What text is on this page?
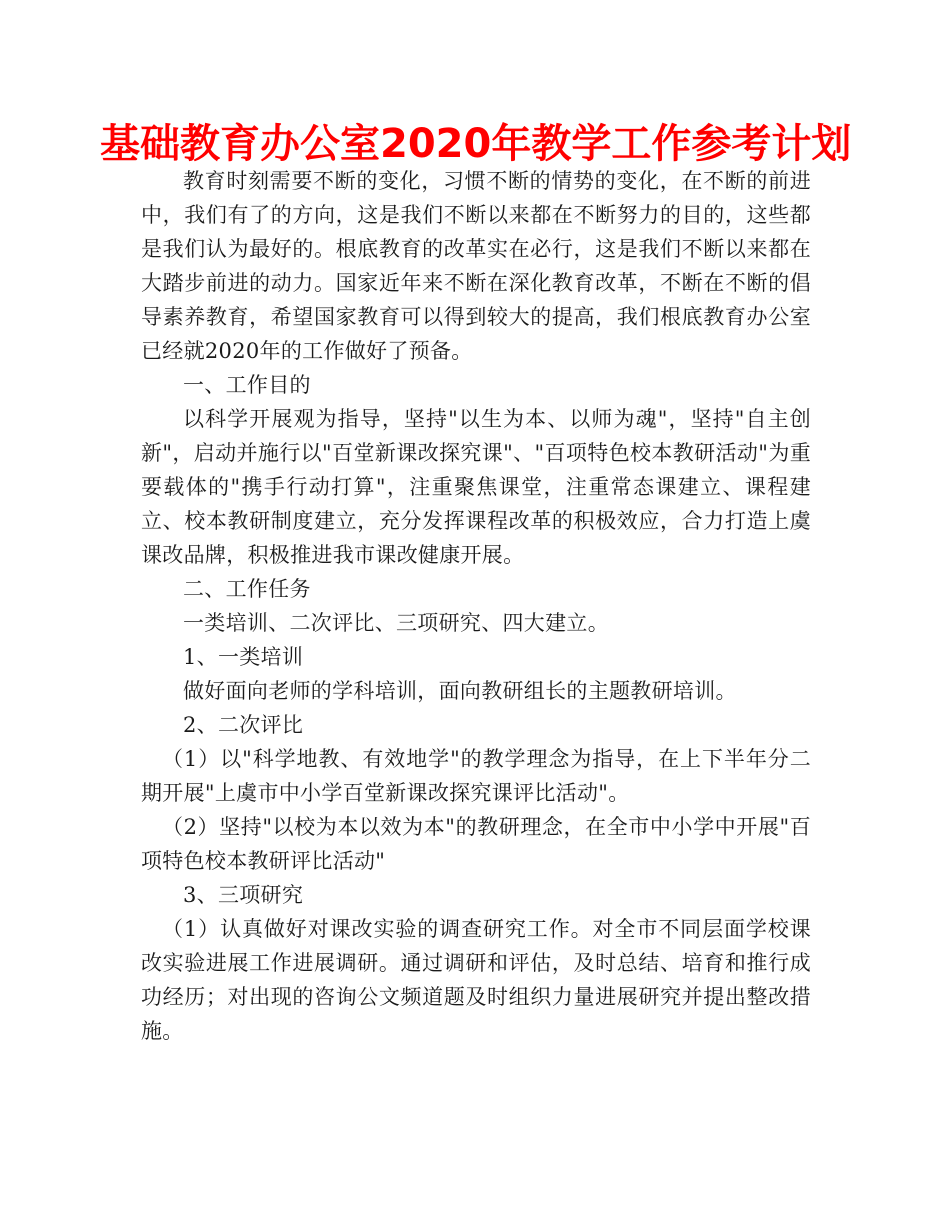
基础教育办公室2020年教学工作参考计划

教育时刻需要不断的变化，习惯不断的情势的变化，在不断的前进中，我们有了的方向，这是我们不断以来都在不断努力的目的，这些都是我们认为最好的。根底教育的改革实在必行，这是我们不断以来都在大踏步前进的动力。国家近年来不断在深化教育改革，不断在不断的倡导素养教育，希望国家教育可以得到较大的提高，我们根底教育办公室已经就2020年的工作做好了预备。

一、工作目的

以科学开展观为指导，坚持"以生为本、以师为魂"，坚持"自主创新"，启动并施行以"百堂新课改探究课"、"百项特色校本教研活动"为重要载体的"携手行动打算"，注重聚焦课堂，注重常态课建立、课程建立、校本教研制度建立，充分发挥课程改革的积极效应，合力打造上虞课改品牌，积极推进我市课改健康开展。

二、工作任务

一类培训、二次评比、三项研究、四大建立。

1、一类培训

做好面向老师的学科培训，面向教研组长的主题教研培训。

2、二次评比

（1）以"科学地教、有效地学"的教学理念为指导，在上下半年分二期开展"上虞市中小学百堂新课改探究课评比活动"。

（2）坚持"以校为本以效为本"的教研理念，在全市中小学中开展"百项特色校本教研评比活动"

3、三项研究

（1）认真做好对课改实验的调查研究工作。对全市不同层面学校课改实验进展工作进展调研。通过调研和评估，及时总结、培育和推行成功经历；对出现的咨询公文频道题及时组织力量进展研究并提出整改措施。
